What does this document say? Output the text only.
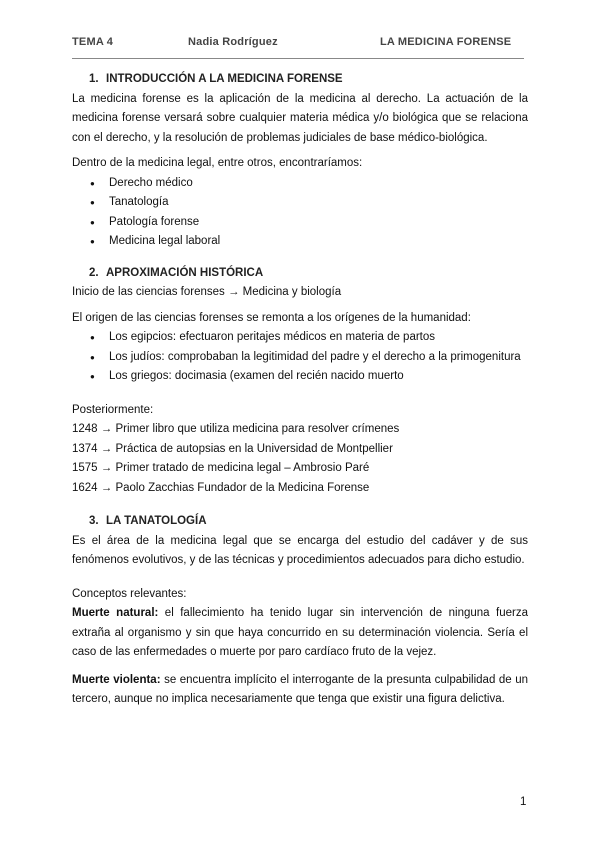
TEMA 4	Nadia Rodríguez	LA MEDICINA FORENSE
1. INTRODUCCIÓN A LA MEDICINA FORENSE

La medicina forense es la aplicación de la medicina al derecho. La actuación de la medicina forense versará sobre cualquier materia médica y/o biológica que se relaciona con el derecho, y la resolución de problemas judiciales de base médico-biológica.

Dentro de la medicina legal, entre otros, encontraríamos:

● Derecho médico
● Tanatología
● Patología forense
● Medicina legal laboral
2. APROXIMACIÓN HISTÓRICA

Inicio de las ciencias forenses → Medicina y biología

El origen de las ciencias forenses se remonta a los orígenes de la humanidad:

● Los egipcios: efectuaron peritajes médicos en materia de partos
● Los judíos: comprobaban la legitimidad del padre y el derecho a la primogenitura
● Los griegos: docimasia (examen del recién nacido muerto

Posteriormente:

1248 → Primer libro que utiliza medicina para resolver crímenes

1374 → Práctica de autopsias en la Universidad de Montpellier

1575 → Primer tratado de medicina legal – Ambrosio Paré

1624 → Paolo Zacchias Fundador de la Medicina Forense

3. LA TANATOLOGÍA

Es el área de la medicina legal que se encarga del estudio del cadáver y de sus fenómenos evolutivos, y de las técnicas y procedimientos adecuados para dicho estudio.

Conceptos relevantes:

Muerte natural: el fallecimiento ha tenido lugar sin intervención de ninguna fuerza extraña al organismo y sin que haya concurrido en su determinación violencia. Sería el caso de las enfermedades o muerte por paro cardíaco fruto de la vejez.

Muerte violenta: se encuentra implícito el interrogante de la presunta culpabilidad de un tercero, aunque no implica necesariamente que tenga que existir una figura delictiva.

1
